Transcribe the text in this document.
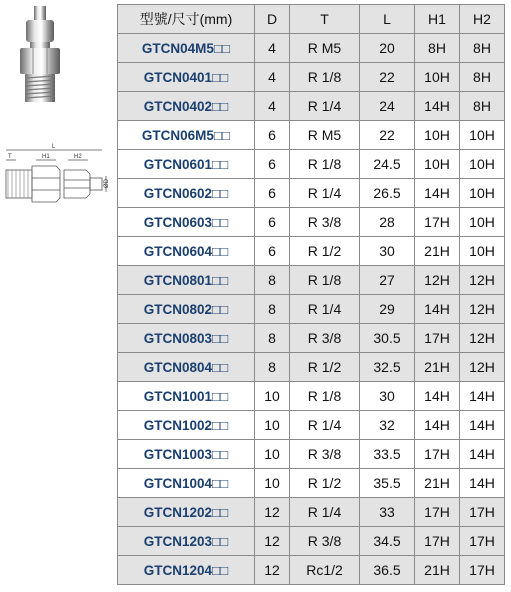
L
T	H1	H2
ØD
型號/尺寸(mm)	D	T	L	H1	H2
GTCN04M5□□	4	R M5	20	8H	8H
GTCN0401□□	4	R 1/8	22	10H	8H
GTCN0402□□	4	R 1/4	24	14H	8H
GTCN06M5□□	6	R M5	22	10H	10H
GTCN0601□□	6	R 1/8	24.5	10H	10H
GTCN0602□□	6	R 1/4	26.5	14H	10H
GTCN0603□□	6	R 3/8	28	17H	10H
GTCN0604□□	6	R 1/2	30	21H	10H
GTCN0801□□	8	R 1/8	27	12H	12H
GTCN0802□□	8	R 1/4	29	14H	12H
GTCN0803□□	8	R 3/8	30.5	17H	12H
GTCN0804□□	8	R 1/2	32.5	21H	12H
GTCN1001□□	10	R 1/8	30	14H	14H
GTCN1002□□	10	R 1/4	32	14H	14H
GTCN1003□□	10	R 3/8	33.5	17H	14H
GTCN1004□□	10	R 1/2	35.5	21H	14H
GTCN1202□□	12	R 1/4	33	17H	17H
GTCN1203□□	12	R 3/8	34.5	17H	17H
GTCN1204□□	12	Rc1/2	36.5	21H	17H
